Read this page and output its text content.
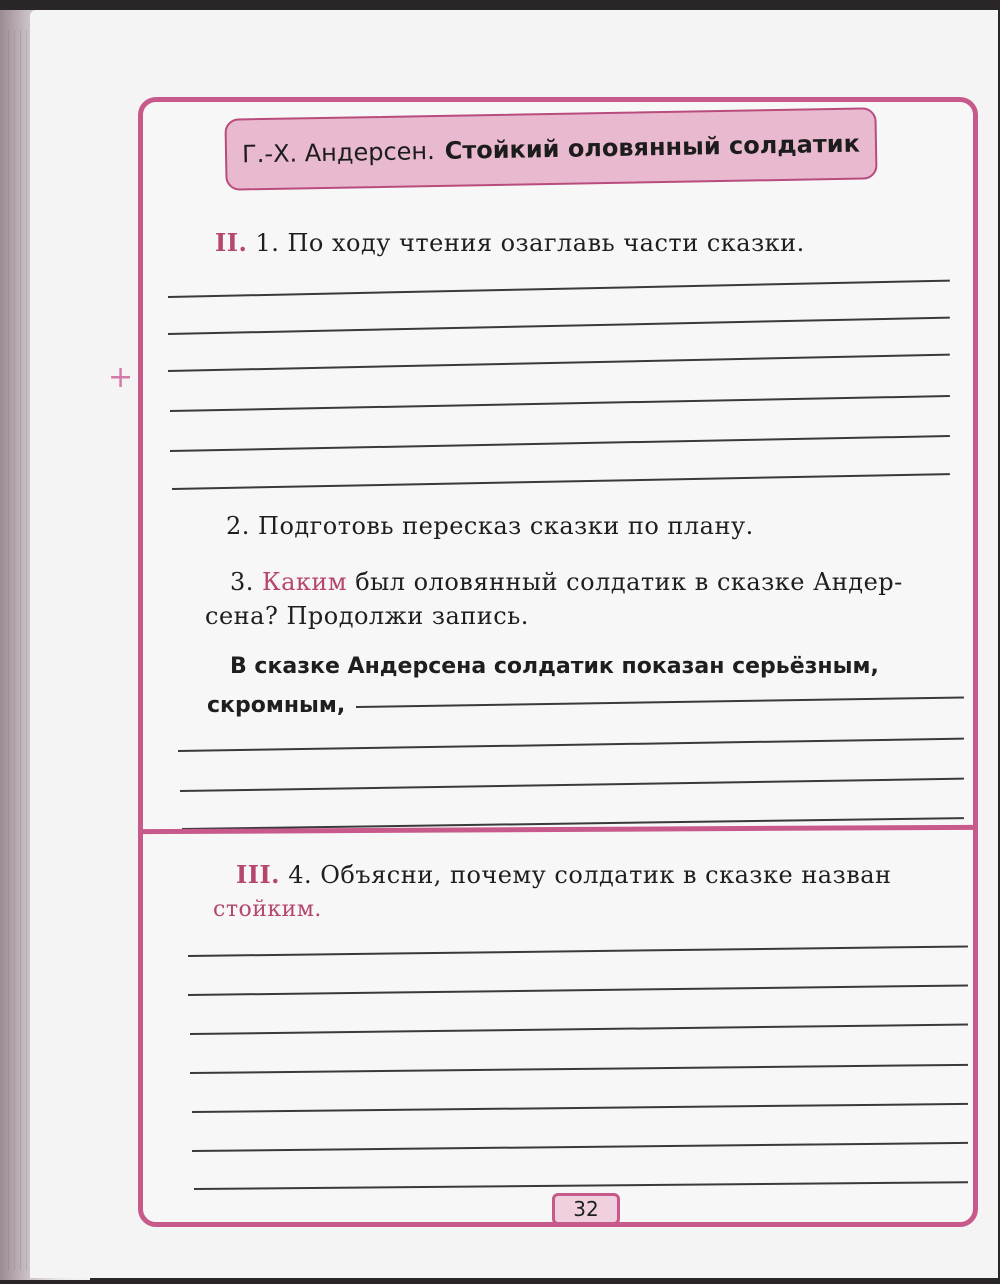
Г.-Х. Андерсен. Стойкий оловянный солдатик
+
II. 1. По ходу чтения озаглавь части сказки.
2. Подготовь пересказ сказки по плану.
3. Каким был оловянный солдатик в сказке Андер-
сена? Продолжи запись.
В сказке Андерсена солдатик показан серьёзным,
скромным,
III. 4. Объясни, почему солдатик в сказке назван
стойким.
32
